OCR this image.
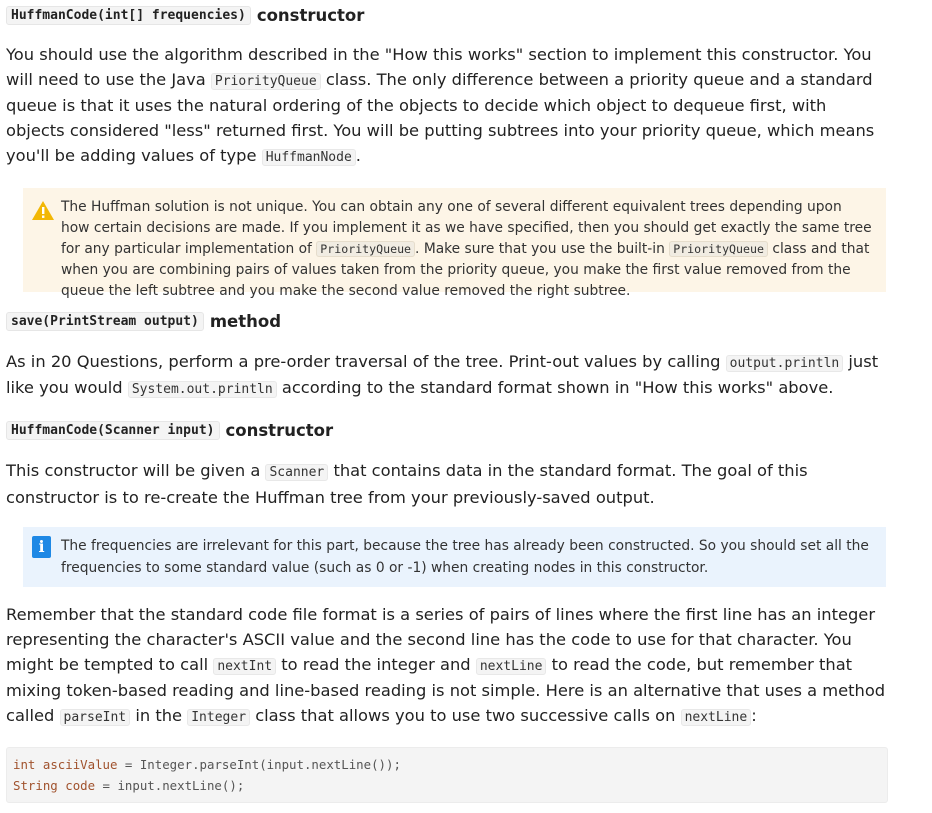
HuffmanCode(int[] frequencies) constructor

You should use the algorithm described in the "How this works" section to implement this constructor. You will need to use the Java PriorityQueue class. The only difference between a priority queue and a standard queue is that it uses the natural ordering of the objects to decide which object to dequeue first, with objects considered "less" returned first. You will be putting subtrees into your priority queue, which means you'll be adding values of type HuffmanNode .

The Huffman solution is not unique. You can obtain any one of several different equivalent trees depending upon how certain decisions are made. If you implement it as we have specified, then you should get exactly the same tree for any particular implementation of PriorityQueue . Make sure that you use the built-in PriorityQueue class and that when you are combining pairs of values taken from the priority queue, you make the first value removed from the queue the left subtree and you make the second value removed the right subtree.
save(PrintStream output) method

As in 20 Questions, perform a pre-order traversal of the tree. Print-out values by calling output.println just like you would System.out.println according to the standard format shown in "How this works" above.

HuffmanCode(Scanner input) constructor

This constructor will be given a Scanner that contains data in the standard format. The goal of this constructor is to re-create the Huffman tree from your previously-saved output.

i	The frequencies are irrelevant for this part, because the tree has already been constructed. So you should set all the frequencies to some standard value (such as 0 or -1) when creating nodes in this constructor.

Remember that the standard code file format is a series of pairs of lines where the first line has an integer representing the character's ASCII value and the second line has the code to use for that character. You might be tempted to call nextInt to read the integer and nextLine to read the code, but remember that mixing token-based reading and line-based reading is not simple. Here is an alternative that uses a method called parseInt in the Integer class that allows you to use two successive calls on nextLine :

int asciiValue = Integer.parseInt(input.nextLine());
String code = input.nextLine();
